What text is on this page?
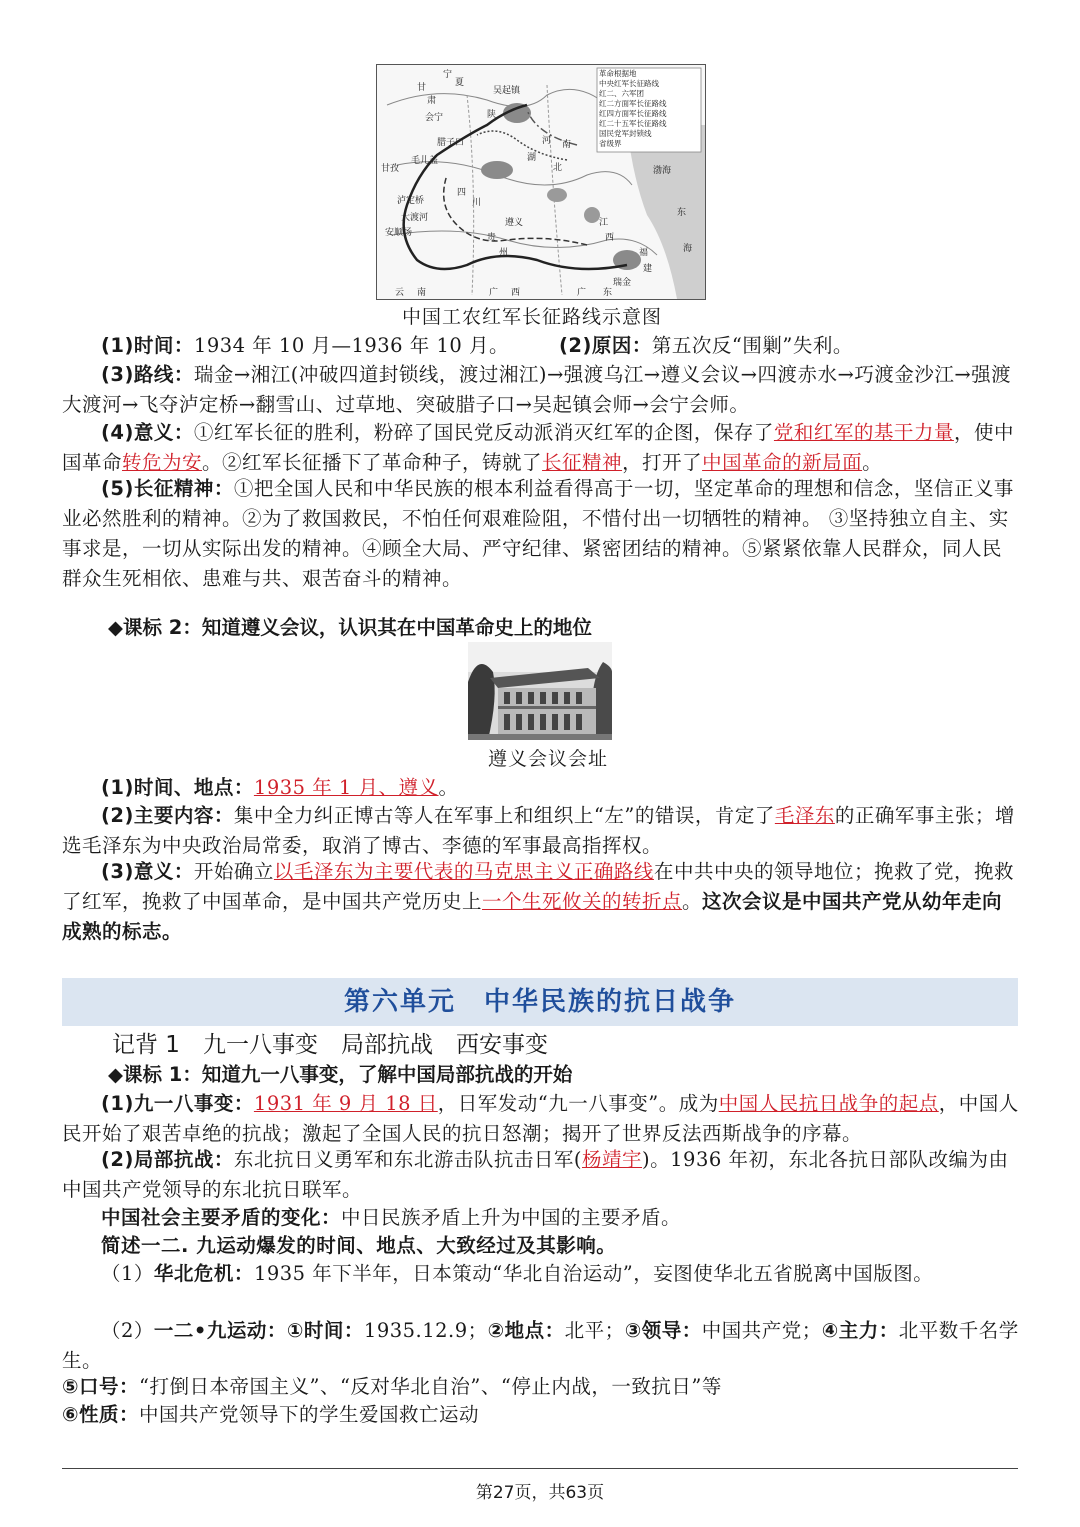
革命根据地
中央红军长征路线
红二、六军团
红二方面军长征路线
红四方面军长征路线
红二十五军长征路线
国民党军封锁线
省级界
宁
夏
甘
肃
吴起镇
陕
河 南
会宁
腊子口
毛儿盖
甘孜
四
川
湖
北
泸定桥
大渡河
安顺场	贵
州
遵义	江
西
瑞金
福
建
东
海
渤海
云 南	广 西	广 东
中国工农红军长征路线示意图
(1)时间：1934 年 10 月—1936 年 10 月。	(2)原因：第五次反“围剿”失利。
(3)路线：瑞金→湘江(冲破四道封锁线，渡过湘江)→强渡乌江→遵义会议→四渡赤水→巧渡金沙江→强渡大渡河→飞夺泸定桥→翻雪山、过草地、突破腊子口→吴起镇会师→会宁会师。
(4)意义：①红军长征的胜利，粉碎了国民党反动派消灭红军的企图，保存了党和红军的基干力量，使中国革命转危为安。②红军长征播下了革命种子，铸就了长征精神，打开了中国革命的新局面。
(5)长征精神：①把全国人民和中华民族的根本利益看得高于一切，坚定革命的理想和信念，坚信正义事业必然胜利的精神。②为了救国救民，不怕任何艰难险阻，不惜付出一切牺牲的精神。 ③坚持独立自主、实事求是，一切从实际出发的精神。④顾全大局、严守纪律、紧密团结的精神。⑤紧紧依靠人民群众，同人民群众生死相依、患难与共、艰苦奋斗的精神。
◆课标 2：知道遵义会议，认识其在中国革命史上的地位
遵义会议会址
(1)时间、地点：1935 年 1 月、遵义。
(2)主要内容：集中全力纠正博古等人在军事上和组织上“左”的错误，肯定了毛泽东的正确军事主张；增选毛泽东为中央政治局常委，取消了博古、李德的军事最高指挥权。
(3)意义：开始确立以毛泽东为主要代表的马克思主义正确路线在中共中央的领导地位；挽救了党，挽救了红军，挽救了中国革命，是中国共产党历史上一个生死攸关的转折点。这次会议是中国共产党从幼年走向成熟的标志。
第六单元　中华民族的抗日战争
记背 1　九一八事变　局部抗战　西安事变
◆课标 1：知道九一八事变，了解中国局部抗战的开始
(1)九一八事变：1931 年 9 月 18 日，日军发动“九一八事变”。成为中国人民抗日战争的起点，中国人民开始了艰苦卓绝的抗战；激起了全国人民的抗日怒潮；揭开了世界反法西斯战争的序幕。
(2)局部抗战：东北抗日义勇军和东北游击队抗击日军(杨靖宇)。1936 年初，东北各抗日部队改编为由中国共产党领导的东北抗日联军。
中国社会主要矛盾的变化：中日民族矛盾上升为中国的主要矛盾。
简述一二. 九运动爆发的时间、地点、大致经过及其影响。
（1）华北危机：1935 年下半年，日本策动“华北自治运动”，妄图使华北五省脱离中国版图。
（2）一二•九运动：①时间：1935.12.9；②地点：北平；③领导：中国共产党；④主力：北平数千名学生。
⑤口号：“打倒日本帝国主义”、“反对华北自治”、“停止内战，一致抗日”等
⑥性质：中国共产党领导下的学生爱国救亡运动
第27页，共63页
